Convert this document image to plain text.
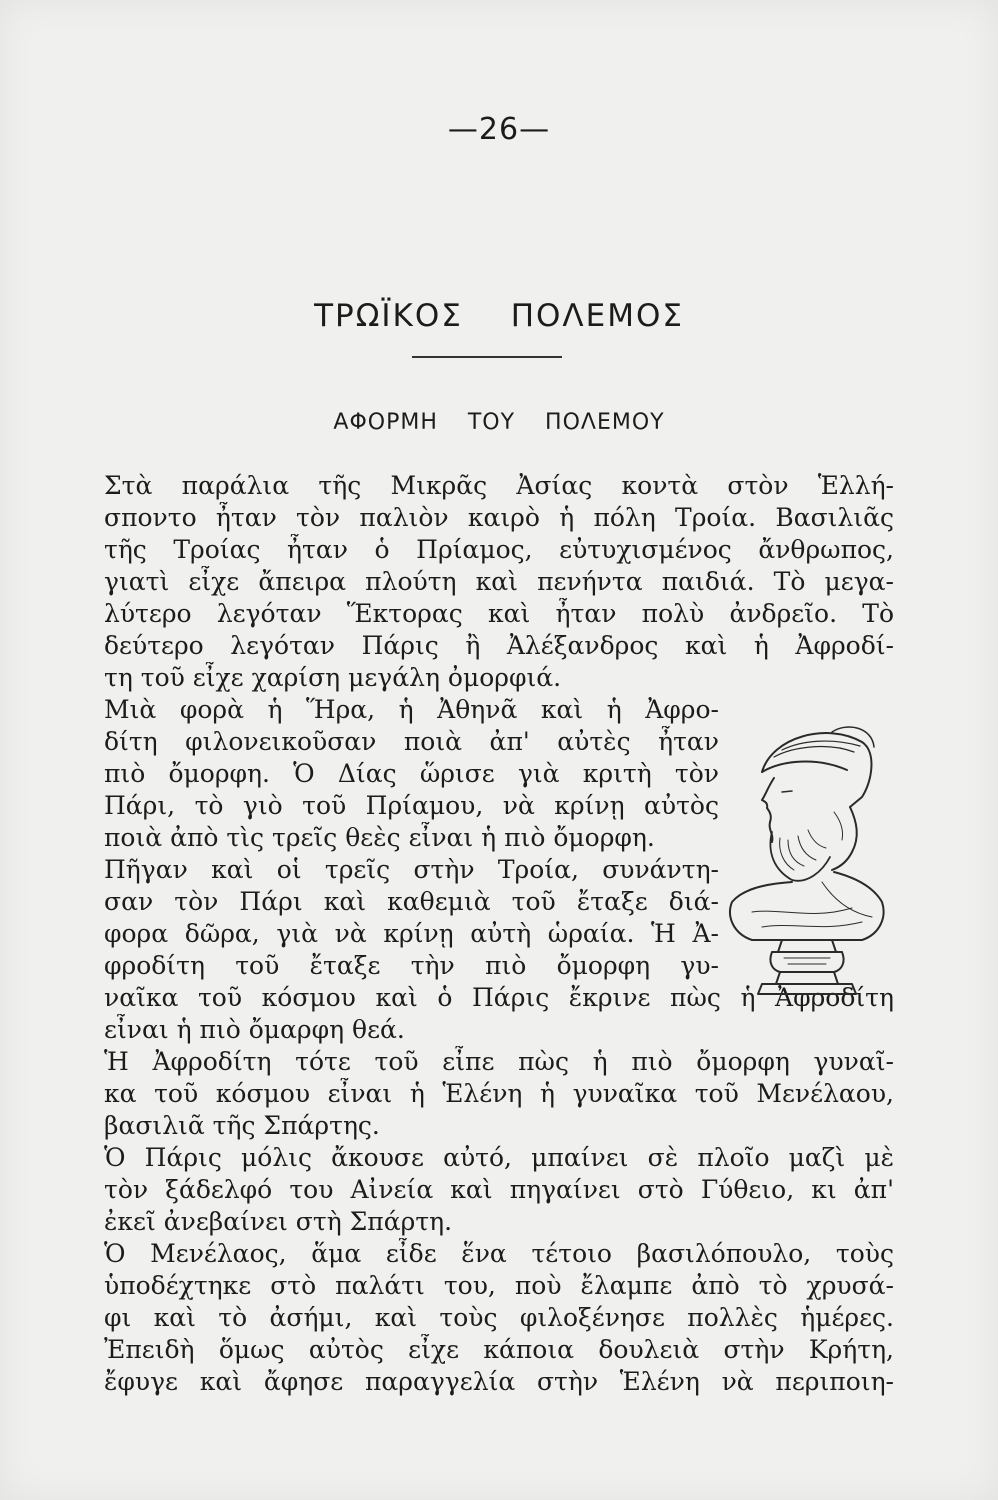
—26—
ΤΡΩΪΚΟΣ ΠΟΛΕΜΟΣ
ΑΦΟΡΜΗ ΤΟΥ ΠΟΛΕΜΟΥ
Στὰ παράλια τῆς Μικρᾶς Ἀσίας κοντὰ στὸν Ἑλλή-
σποντο ἦταν τὸν παλιὸν καιρὸ ἡ πόλη Τροία. Βασιλιᾶς
τῆς Τροίας ἦταν ὁ Πρίαμος, εὐτυχισμένος ἄνθρωπος,
γιατὶ εἶχε ἄπειρα πλούτη καὶ πενήντα παιδιά. Τὸ μεγα-
λύτερο λεγόταν Ἕκτορας καὶ ἦταν πολὺ ἀνδρεῖο. Τὸ
δεύτερο λεγόταν Πάρις ἢ Ἀλέξανδρος καὶ ἡ Ἀφροδί-
τη τοῦ εἶχε χαρίση μεγάλη ὀμορφιά.
Μιὰ φορὰ ἡ Ἥρα, ἡ Ἀθηνᾶ καὶ ἡ Ἀφρο-
δίτη φιλονεικοῦσαν ποιὰ ἀπ' αὐτὲς ἦταν
πιὸ ὄμορφη. Ὁ Δίας ὥρισε γιὰ κριτὴ τὸν
Πάρι, τὸ γιὸ τοῦ Πρίαμου, νὰ κρίνῃ αὐτὸς
ποιὰ ἀπὸ τὶς τρεῖς θεὲς εἶναι ἡ πιὸ ὄμορφη.
Πῆγαν καὶ οἱ τρεῖς στὴν Τροία, συνάντη-
σαν τὸν Πάρι καὶ καθεμιὰ τοῦ ἔταξε διά-
φορα δῶρα, γιὰ νὰ κρίνῃ αὐτὴ ὡραία. Ἡ Ἀ-
φροδίτη τοῦ ἔταξε τὴν πιὸ ὄμορφη γυ-
ναῖκα τοῦ κόσμου καὶ ὁ Πάρις ἔκρινε πὼς ἡ Ἀφροδίτη
εἶναι ἡ πιὸ ὄμαρφη θεά.
Ἡ Ἀφροδίτη τότε τοῦ εἶπε πὼς ἡ πιὸ ὄμορφη γυναῖ-
κα τοῦ κόσμου εἶναι ἡ Ἑλένη ἡ γυναῖκα τοῦ Μενέλαου,
βασιλιᾶ τῆς Σπάρτης.
Ὁ Πάρις μόλις ἄκουσε αὐτό, μπαίνει σὲ πλοῖο μαζὶ μὲ
τὸν ξάδελφό του Αἰνεία καὶ πηγαίνει στὸ Γύθειο, κι ἀπ'
ἐκεῖ ἀνεβαίνει στὴ Σπάρτη.
Ὁ Μενέλαος, ἅμα εἶδε ἕνα τέτοιο βασιλόπουλο, τοὺς
ὑποδέχτηκε στὸ παλάτι του, ποὺ ἔλαμπε ἀπὸ τὸ χρυσά-
φι καὶ τὸ ἀσήμι, καὶ τοὺς φιλοξένησε πολλὲς ἡμέρες.
Ἐπειδὴ ὅμως αὐτὸς εἶχε κάποια δουλειὰ στὴν Κρήτη,
ἔφυγε καὶ ἄφησε παραγγελία στὴν Ἑλένη νὰ περιποιη-
